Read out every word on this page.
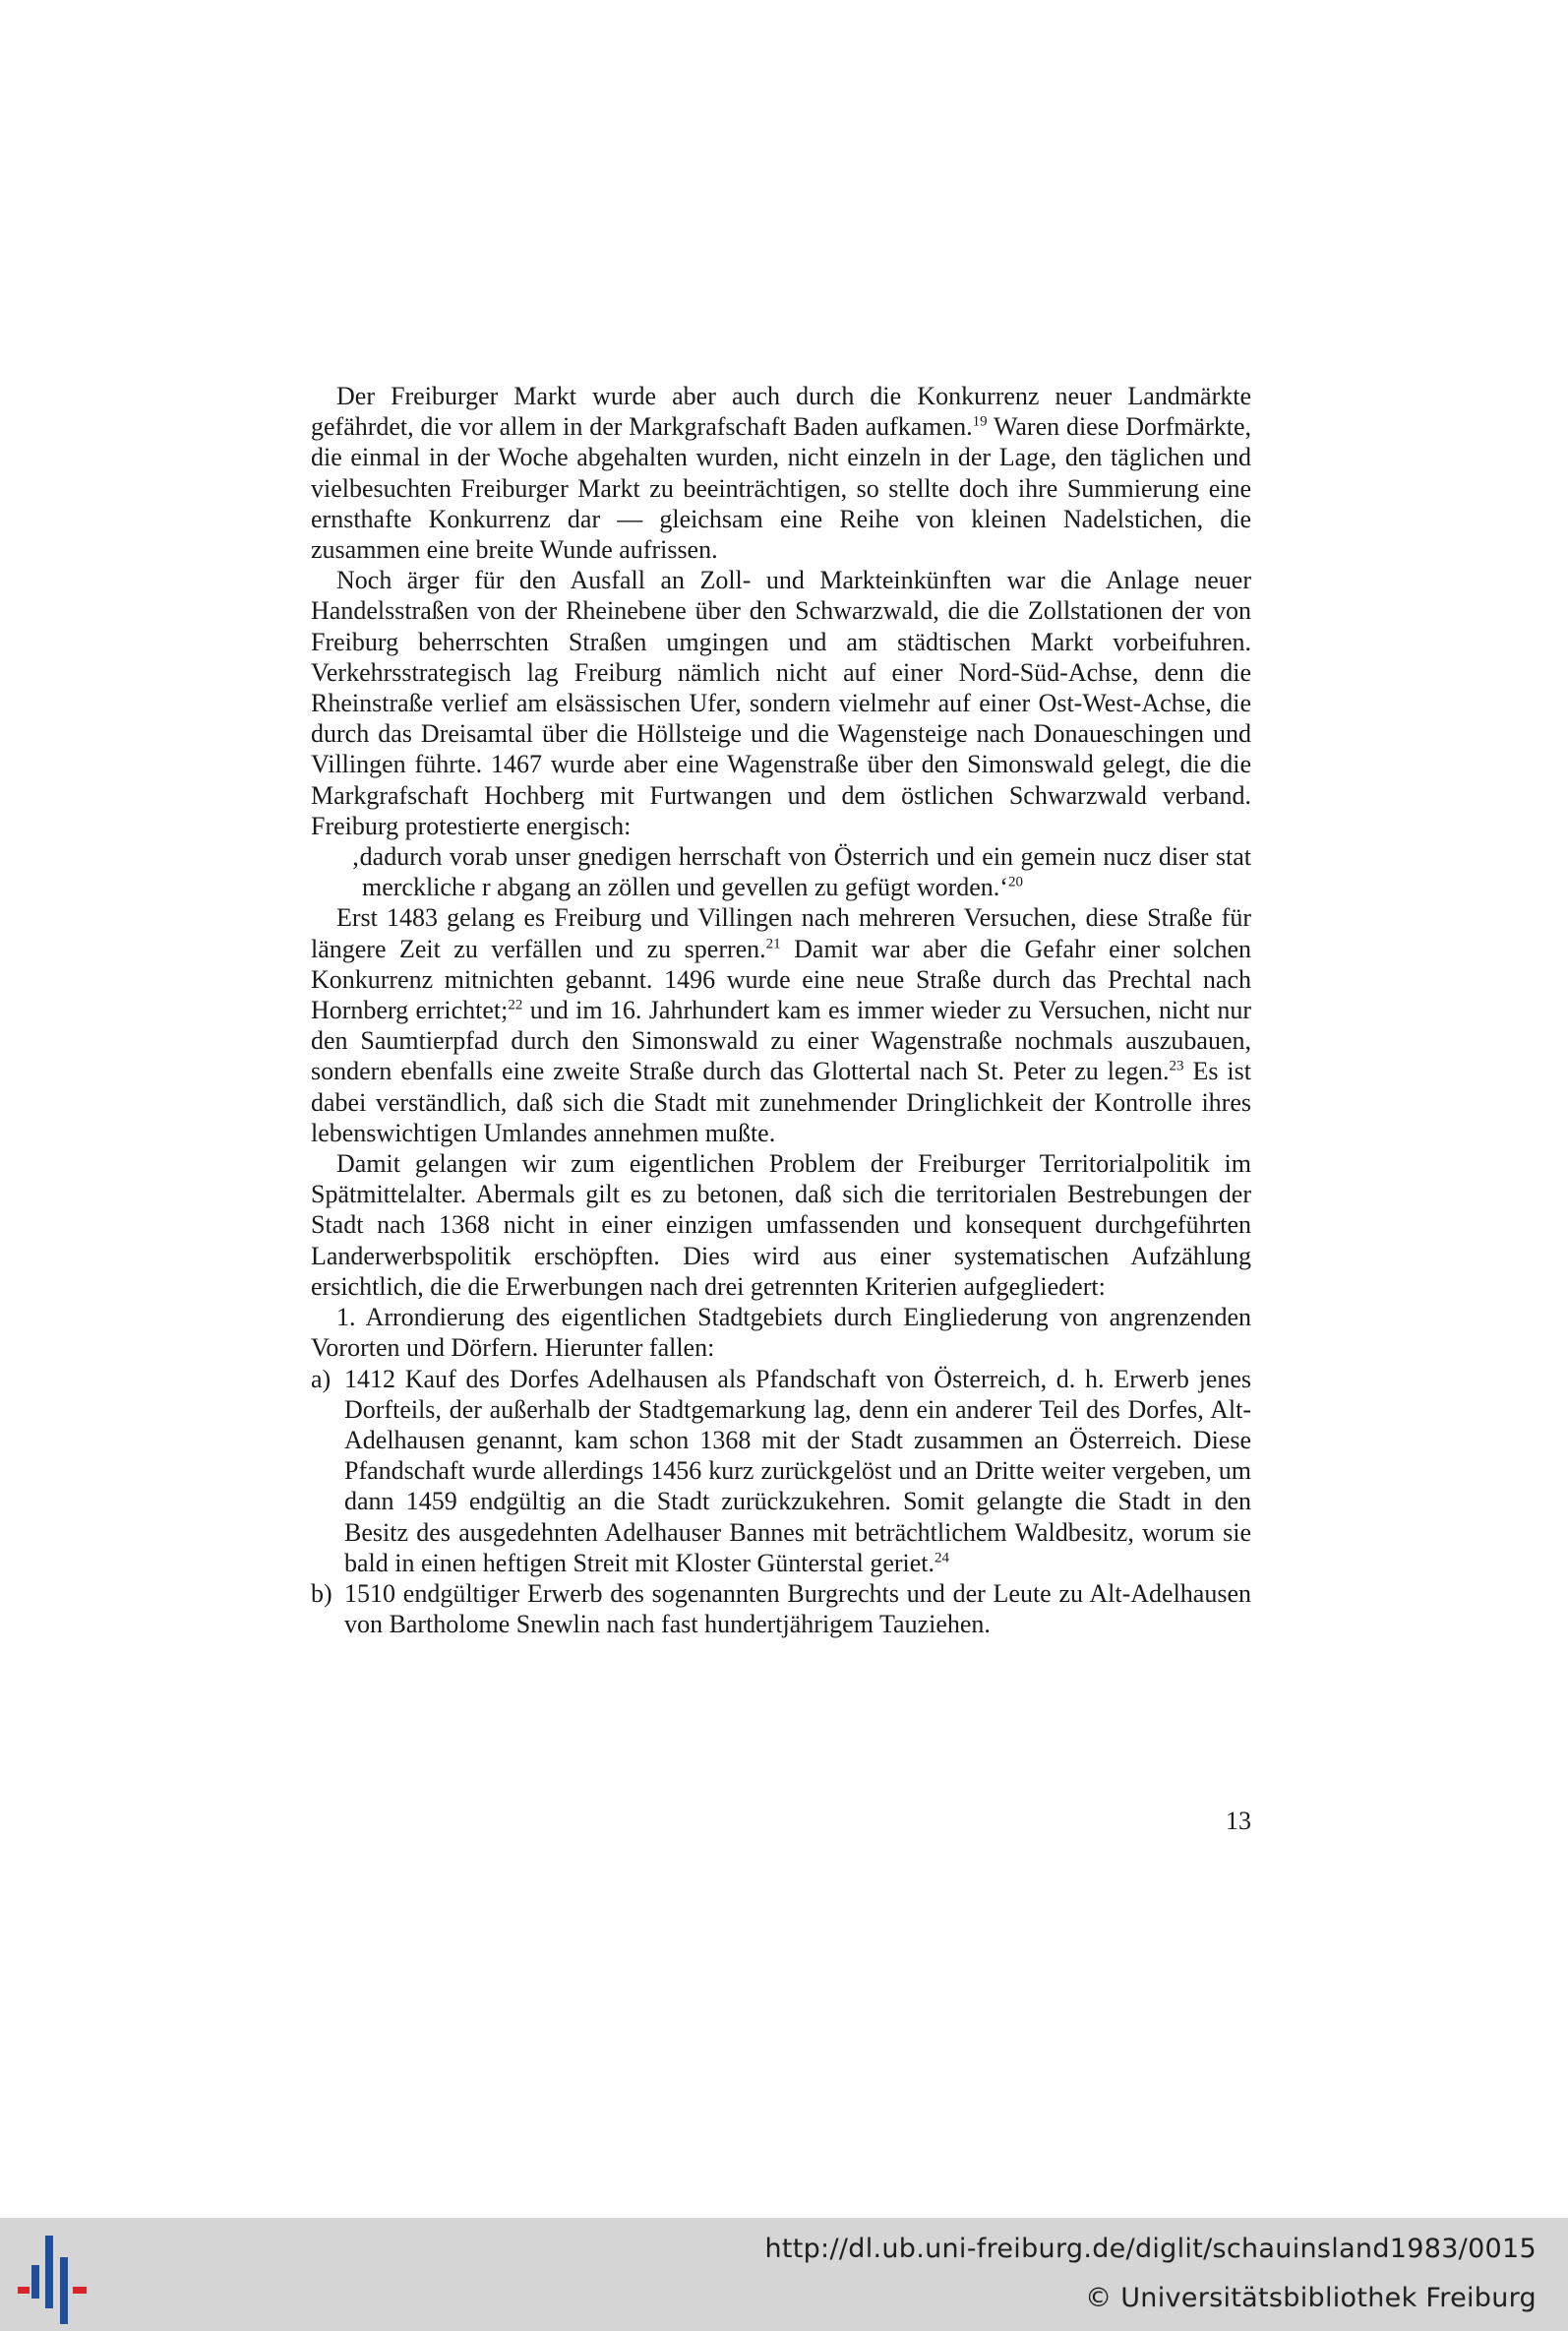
Der Freiburger Markt wurde aber auch durch die Konkurrenz neuer Landmärkte gefährdet, die vor allem in der Markgrafschaft Baden aufkamen.$^{19}$ Waren diese Dorfmärkte, die einmal in der Woche abgehalten wurden, nicht einzeln in der Lage, den täglichen und vielbesuchten Freiburger Markt zu beeinträchtigen, so stellte doch ihre Summierung eine ernsthafte Konkurrenz dar — gleichsam eine Reihe von kleinen Nadelstichen, die zusammen eine breite Wunde aufrissen.

Noch ärger für den Ausfall an Zoll- und Markteinkünften war die Anlage neuer Handelsstraßen von der Rheinebene über den Schwarzwald, die die Zollstationen der von Freiburg beherrschten Straßen umgingen und am städtischen Markt vorbeifuhren. Verkehrsstrategisch lag Freiburg nämlich nicht auf einer Nord-Süd-Achse, denn die Rheinstraße verlief am elsässischen Ufer, sondern vielmehr auf einer Ost-West-Achse, die durch das Dreisamtal über die Höllsteige und die Wagensteige nach Donaueschingen und Villingen führte. 1467 wurde aber eine Wagenstraße über den Simonswald gelegt, die die Markgrafschaft Hochberg mit Furtwangen und dem östlichen Schwarzwald verband. Freiburg protestierte energisch:

‚dadurch vorab unser gnedigen herrschaft von Österrich und ein gemein nucz diser stat merckliche r abgang an zöllen und gevellen zu gefügt worden.‘$^{20}$

Erst 1483 gelang es Freiburg und Villingen nach mehreren Versuchen, diese Straße für längere Zeit zu verfällen und zu sperren.$^{21}$ Damit war aber die Gefahr einer solchen Konkurrenz mitnichten gebannt. 1496 wurde eine neue Straße durch das Prechtal nach Hornberg errichtet;$^{22}$ und im 16. Jahrhundert kam es immer wieder zu Versuchen, nicht nur den Saumtierpfad durch den Simonswald zu einer Wagenstraße nochmals auszubauen, sondern ebenfalls eine zweite Straße durch das Glottertal nach St. Peter zu legen.$^{23}$ Es ist dabei verständlich, daß sich die Stadt mit zunehmender Dringlichkeit der Kontrolle ihres lebenswichtigen Umlandes annehmen mußte.

Damit gelangen wir zum eigentlichen Problem der Freiburger Territorialpolitik im Spätmittelalter. Abermals gilt es zu betonen, daß sich die territorialen Bestrebungen der Stadt nach 1368 nicht in einer einzigen umfassenden und konsequent durchgeführten Landerwerbspolitik erschöpften. Dies wird aus einer systematischen Aufzählung ersichtlich, die die Erwerbungen nach drei getrennten Kriterien aufgegliedert:

1. Arrondierung des eigentlichen Stadtgebiets durch Eingliederung von angrenzenden Vororten und Dörfern. Hierunter fallen:

a) 1412 Kauf des Dorfes Adelhausen als Pfandschaft von Österreich, d. h. Erwerb jenes Dorfteils, der außerhalb der Stadtgemarkung lag, denn ein anderer Teil des Dorfes, Alt-Adelhausen genannt, kam schon 1368 mit der Stadt zusammen an Österreich. Diese Pfandschaft wurde allerdings 1456 kurz zurückgelöst und an Dritte weiter vergeben, um dann 1459 endgültig an die Stadt zurückzukehren. Somit gelangte die Stadt in den Besitz des ausgedehnten Adelhauser Bannes mit beträchtlichem Waldbesitz, worum sie bald in einen heftigen Streit mit Kloster Günterstal geriet.$^{24}$

b) 1510 endgültiger Erwerb des sogenannten Burgrechts und der Leute zu Alt-Adelhausen von Bartholome Snewlin nach fast hundertjährigem Tauziehen.

13
http://dl.ub.uni-freiburg.de/diglit/schauinsland1983/0015
© Universitätsbibliothek Freiburg
